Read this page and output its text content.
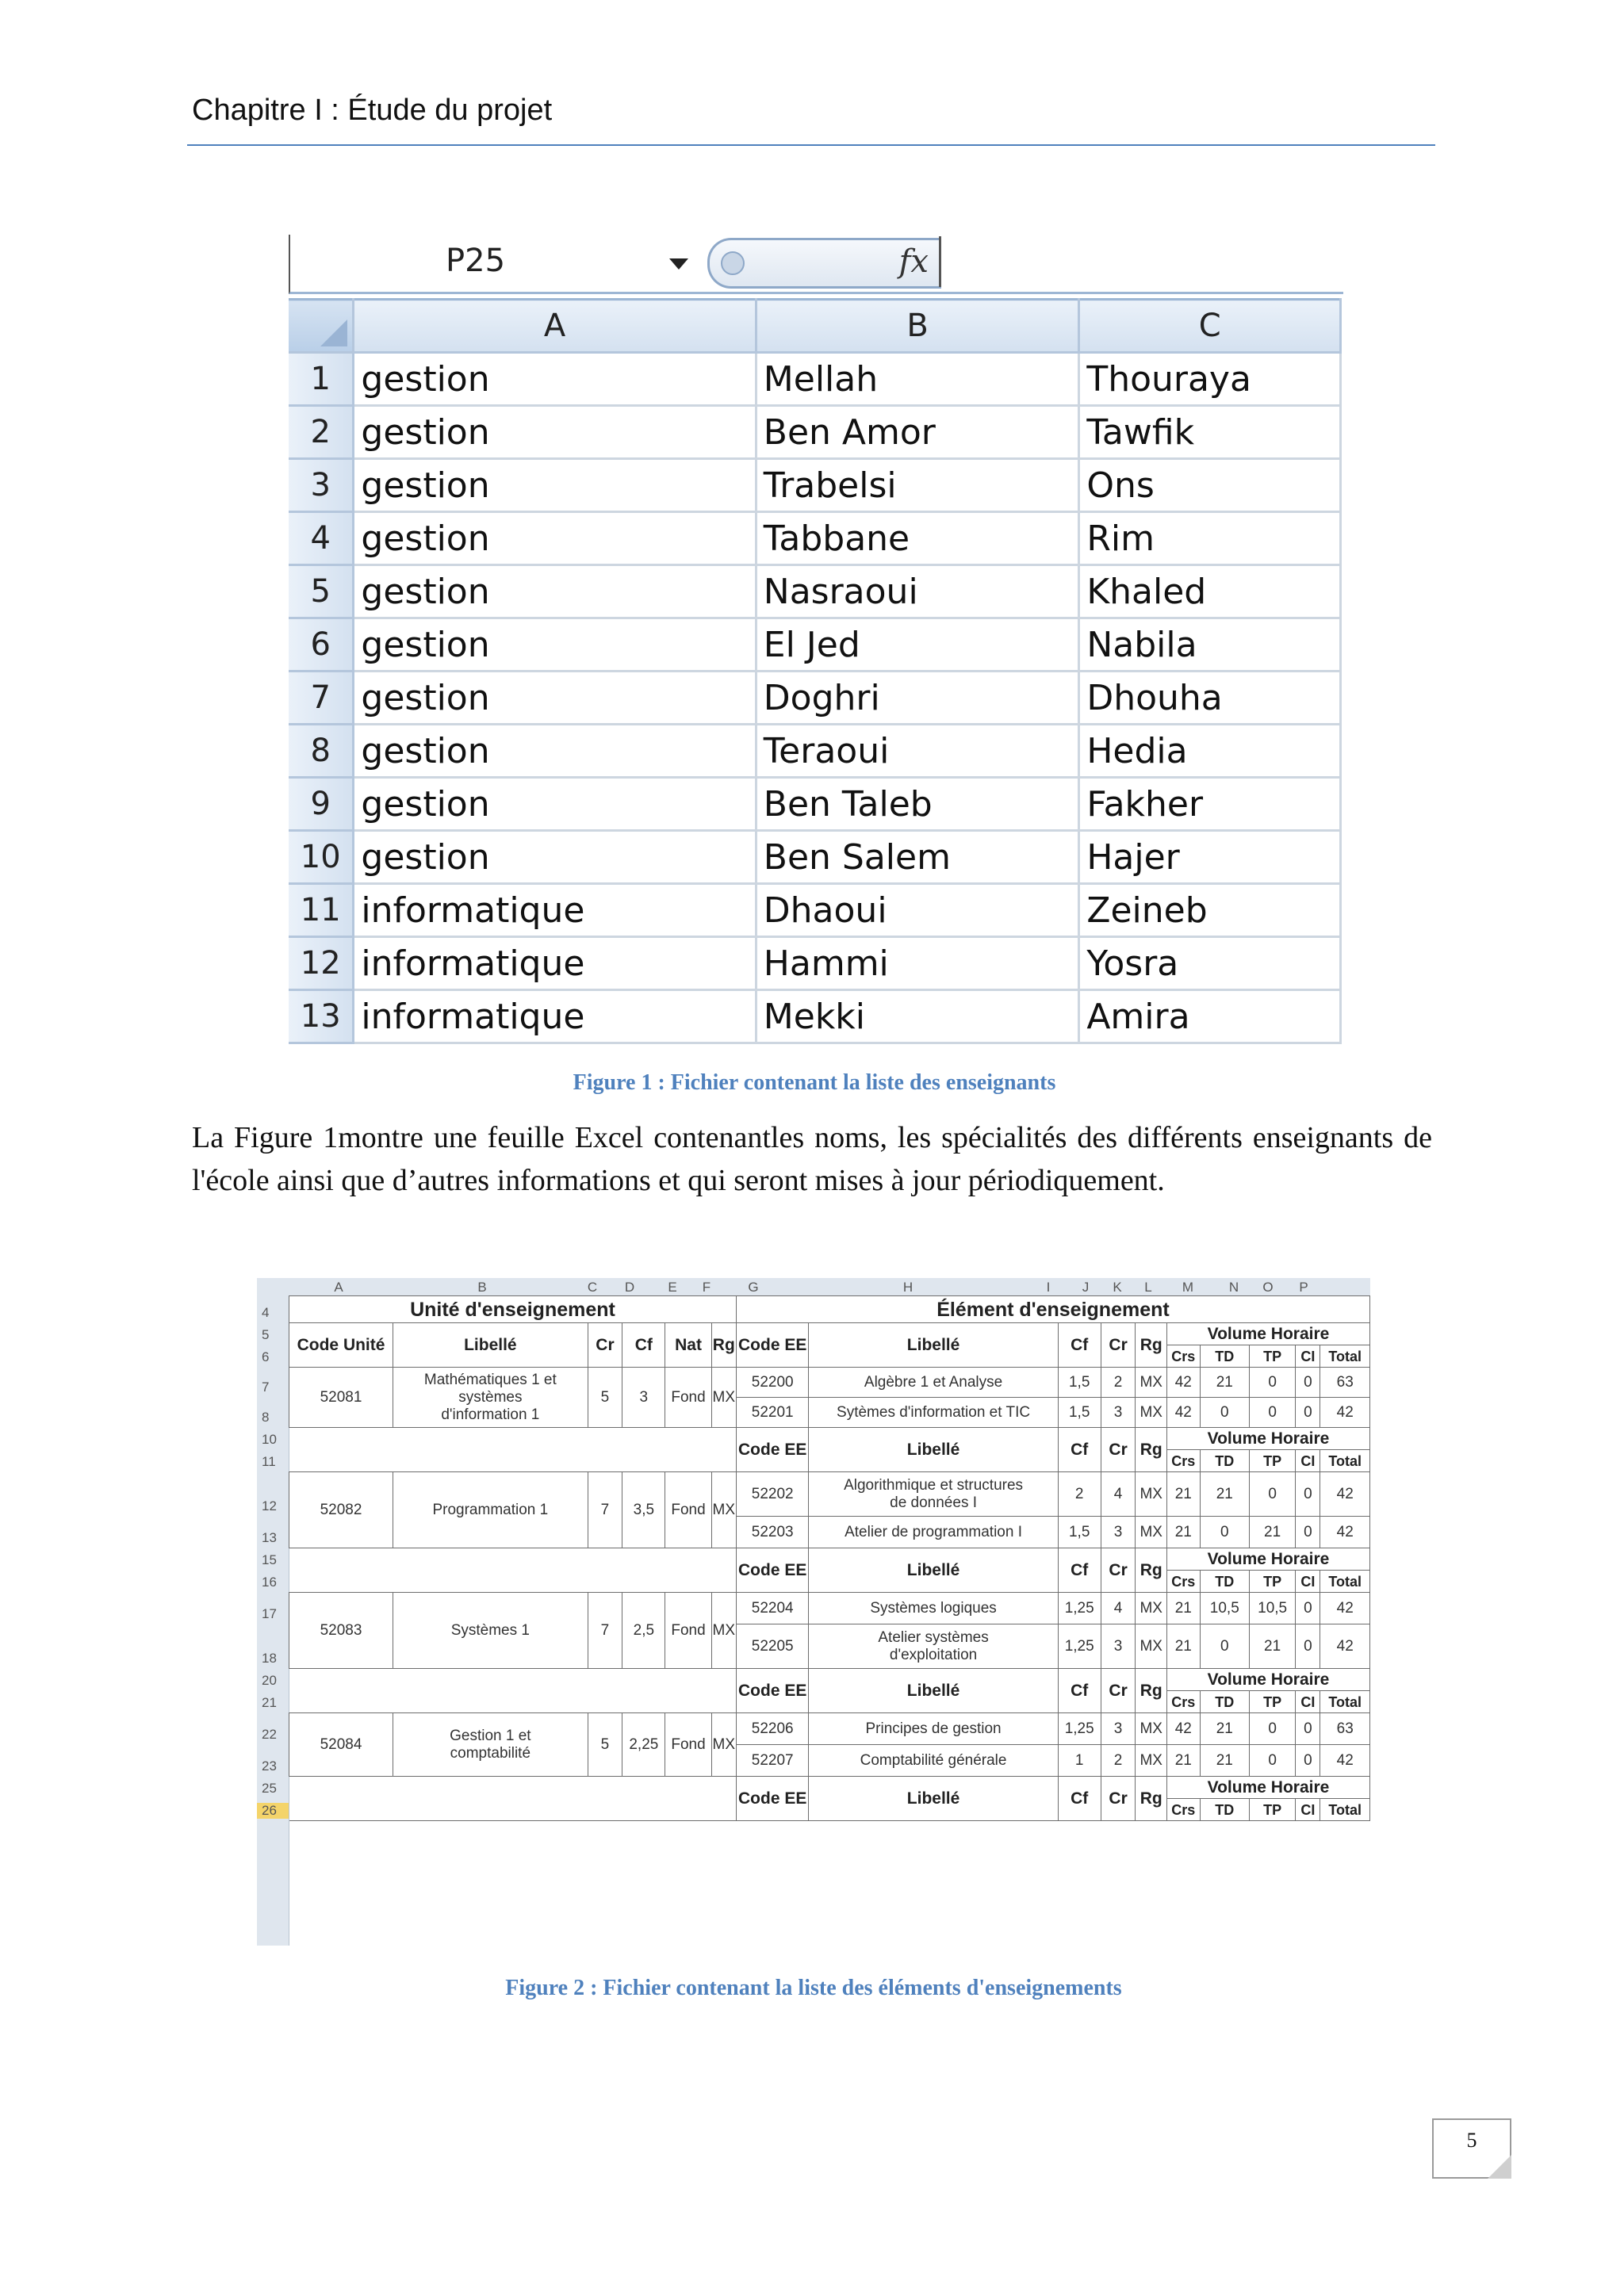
Chapitre I : Étude du projet
P25	fx
	A	B	C
1	gestion	Mellah	Thouraya
2	gestion	Ben Amor	Tawfik
3	gestion	Trabelsi	Ons
4	gestion	Tabbane	Rim
5	gestion	Nasraoui	Khaled
6	gestion	El Jed	Nabila
7	gestion	Doghri	Dhouha
8	gestion	Teraoui	Hedia
9	gestion	Ben Taleb	Fakher
10	gestion	Ben Salem	Hajer
11	informatique	Dhaoui	Zeineb
12	informatique	Hammi	Yosra
13	informatique	Mekki	Amira
Figure 1 : Fichier contenant la liste des enseignants
La Figure 1montre une feuille Excel contenantles noms, les spécialités des différents enseignants de l'école ainsi que d’autres informations et qui seront mises à jour périodiquement.
A	B	C	D	E	F	G	H	I	J	K	L	M	N	O	P
4
5
6
7
8
10
11
12
13
15
16
17
18
20
21
22
23
25
26
Unité d'enseignement						Élément d'enseignement									
Code Unité	Libellé	Cr	Cf	Nat	Rg	Code EE	Libellé	Cf	Cr	Rg	Volume Horaire				
											Crs	TD	TP	CI	Total
52081	Mathématiques 1 et systèmes d'information 1	5	3	Fond	MX	52200	Algèbre 1 et Analyse	1,5	2	MX	42	21	0	0	63
						52201	Sytèmes d'information et TIC	1,5	3	MX	42	0	0	0	42
						Code EE	Libellé	Cf	Cr	Rg	Volume Horaire				
											Crs	TD	TP	CI	Total
52082	Programmation 1	7	3,5	Fond	MX	52202	Algorithmique et structures de données I	2	4	MX	21	21	0	0	42
						52203	Atelier de programmation I	1,5	3	MX	21	0	21	0	42
						Code EE	Libellé	Cf	Cr	Rg	Volume Horaire				
											Crs	TD	TP	CI	Total
52083	Systèmes 1	7	2,5	Fond	MX	52204	Systèmes logiques	1,25	4	MX	21	10,5	10,5	0	42
						52205	Atelier systèmes d'exploitation	1,25	3	MX	21	0	21	0	42
						Code EE	Libellé	Cf	Cr	Rg	Volume Horaire				
											Crs	TD	TP	CI	Total
52084	Gestion 1 et comptabilité	5	2,25	Fond	MX	52206	Principes de gestion	1,25	3	MX	42	21	0	0	63
						52207	Comptabilité générale	1	2	MX	21	21	0	0	42
						Code EE	Libellé	Cf	Cr	Rg	Volume Horaire				
											Crs	TD	TP	CI	Total
Figure 2 : Fichier contenant la liste des éléments d'enseignements
5
